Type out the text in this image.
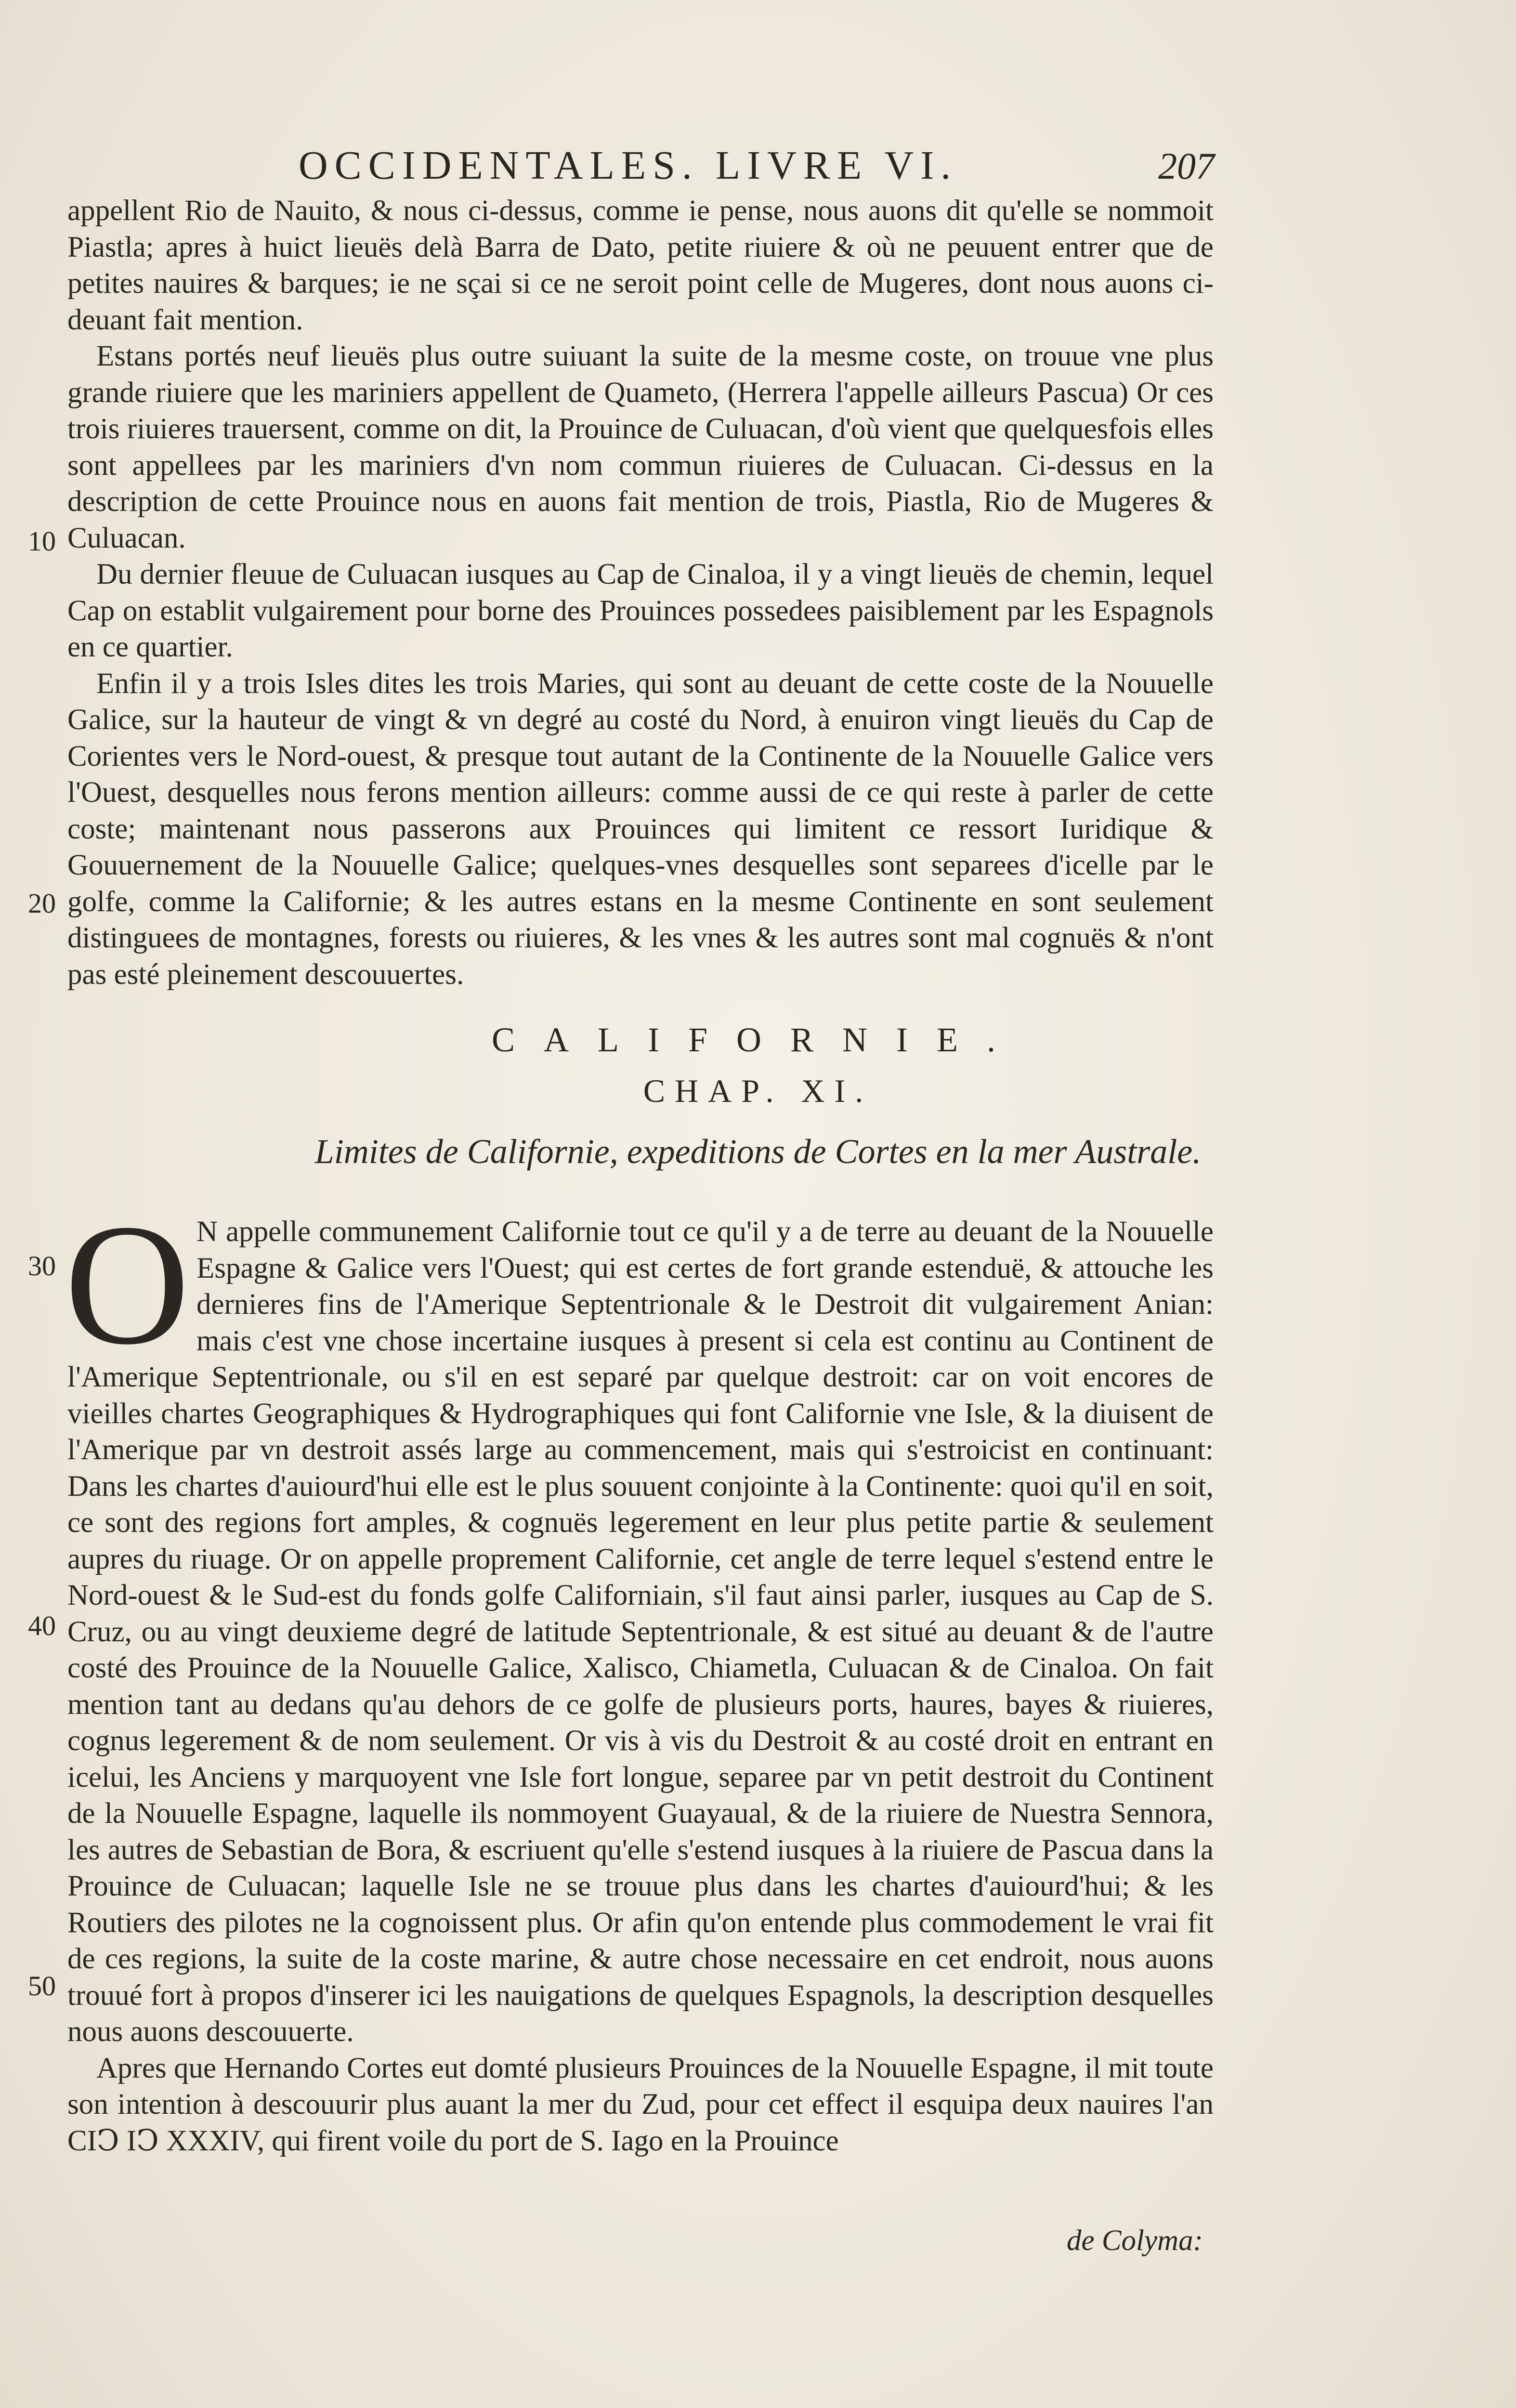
OCCIDENTALES. LIVRE VI.	207

appellent Rio de Nauito, & nous ci-dessus, comme ie pense, nous auons dit qu'elle se nommoit Piastla; apres à huict lieuës delà Barra de Dato, petite riuiere & où ne peuuent entrer que de petites nauires & barques; ie ne sçai si ce ne seroit point celle de Mugeres, dont nous auons ci-deuant fait mention.

Estans portés neuf lieuës plus outre suiuant la suite de la mesme coste, on trouue vne plus grande riuiere que les mariniers appellent de Quameto, (Herrera l'appelle ailleurs Pascua) Or ces trois riuieres trauersent, comme on dit, la Prouince de Culuacan, d'où vient que quelquesfois elles sont appellees par les mariniers d'vn nom commun riuieres de Culuacan. Ci-dessus en la description de cette Prouince nous en auons fait mention de trois, Piastla, Rio de Mugeres & Culuacan.

Du dernier fleuue de Culuacan iusques au Cap de Cinaloa, il y a vingt lieuës de chemin, lequel Cap on establit vulgairement pour borne des Prouinces possedees paisiblement par les Espagnols en ce quartier.

Enfin il y a trois Isles dites les trois Maries, qui sont au deuant de cette coste de la Nouuelle Galice, sur la hauteur de vingt & vn degré au costé du Nord, à enuiron vingt lieuës du Cap de Corientes vers le Nord-ouest, & presque tout autant de la Continente de la Nouuelle Galice vers l'Ouest, desquelles nous ferons mention ailleurs: comme aussi de ce qui reste à parler de cette coste; maintenant nous passerons aux Prouinces qui limitent ce ressort Iuridique & Gouuernement de la Nouuelle Galice; quelques-vnes desquelles sont separees d'icelle par le golfe, comme la Californie; & les autres estans en la mesme Continente en sont seulement distinguees de montagnes, forests ou riuieres, & les vnes & les autres sont mal cognuës & n'ont pas esté pleinement descouuertes.

10
20
30
40
50
CALIFORNIE.
CHAP. XI.
Limites de Californie, expeditions de Cortes en la mer Australe.
O N appelle communement Californie tout ce qu'il y a de terre au deuant de la Nouuelle Espagne & Galice vers l'Ouest; qui est certes de fort grande estenduë, & attouche les dernieres fins de l'Amerique Septentrionale & le Destroit dit vulgairement Anian: mais c'est vne chose incertaine iusques à present si cela est continu au Continent de l'Amerique Septentrionale, ou s'il en est separé par quelque destroit: car on voit encores de vieilles chartes Geographiques & Hydrographiques qui font Californie vne Isle, & la diuisent de l'Amerique par vn destroit assés large au commencement, mais qui s'estroicist en continuant: Dans les chartes d'auiourd'hui elle est le plus souuent conjointe à la Continente: quoi qu'il en soit, ce sont des regions fort amples, & cognuës legerement en leur plus petite partie & seulement aupres du riuage. Or on appelle proprement Californie, cet angle de terre lequel s'estend entre le Nord-ouest & le Sud-est du fonds golfe Californiain, s'il faut ainsi parler, iusques au Cap de S. Cruz, ou au vingt deuxieme degré de latitude Septentrionale, & est situé au deuant & de l'autre costé des Prouince de la Nouuelle Galice, Xalisco, Chiametla, Culuacan & de Cinaloa. On fait mention tant au dedans qu'au dehors de ce golfe de plusieurs ports, haures, bayes & riuieres, cognus legerement & de nom seulement. Or vis à vis du Destroit & au costé droit en entrant en icelui, les Anciens y marquoyent vne Isle fort longue, separee par vn petit destroit du Continent de la Nouuelle Espagne, laquelle ils nommoyent Guayaual, & de la riuiere de Nuestra Sennora, les autres de Sebastian de Bora, & escriuent qu'elle s'estend iusques à la riuiere de Pascua dans la Prouince de Culuacan; laquelle Isle ne se trouue plus dans les chartes d'auiourd'hui; & les Routiers des pilotes ne la cognoissent plus. Or afin qu'on entende plus commodement le vrai fit de ces regions, la suite de la coste marine, & autre chose necessaire en cet endroit, nous auons trouué fort à propos d'inserer ici les nauigations de quelques Espagnols, la description desquelles nous auons descouuerte.

Apres que Hernando Cortes eut domté plusieurs Prouinces de la Nouuelle Espagne, il mit toute son intention à descouurir plus auant la mer du Zud, pour cet effect il esquipa deux nauires l'an CIↃ IↃ XXXIV, qui firent voile du port de S. Iago en la Prouince

de Colyma:
